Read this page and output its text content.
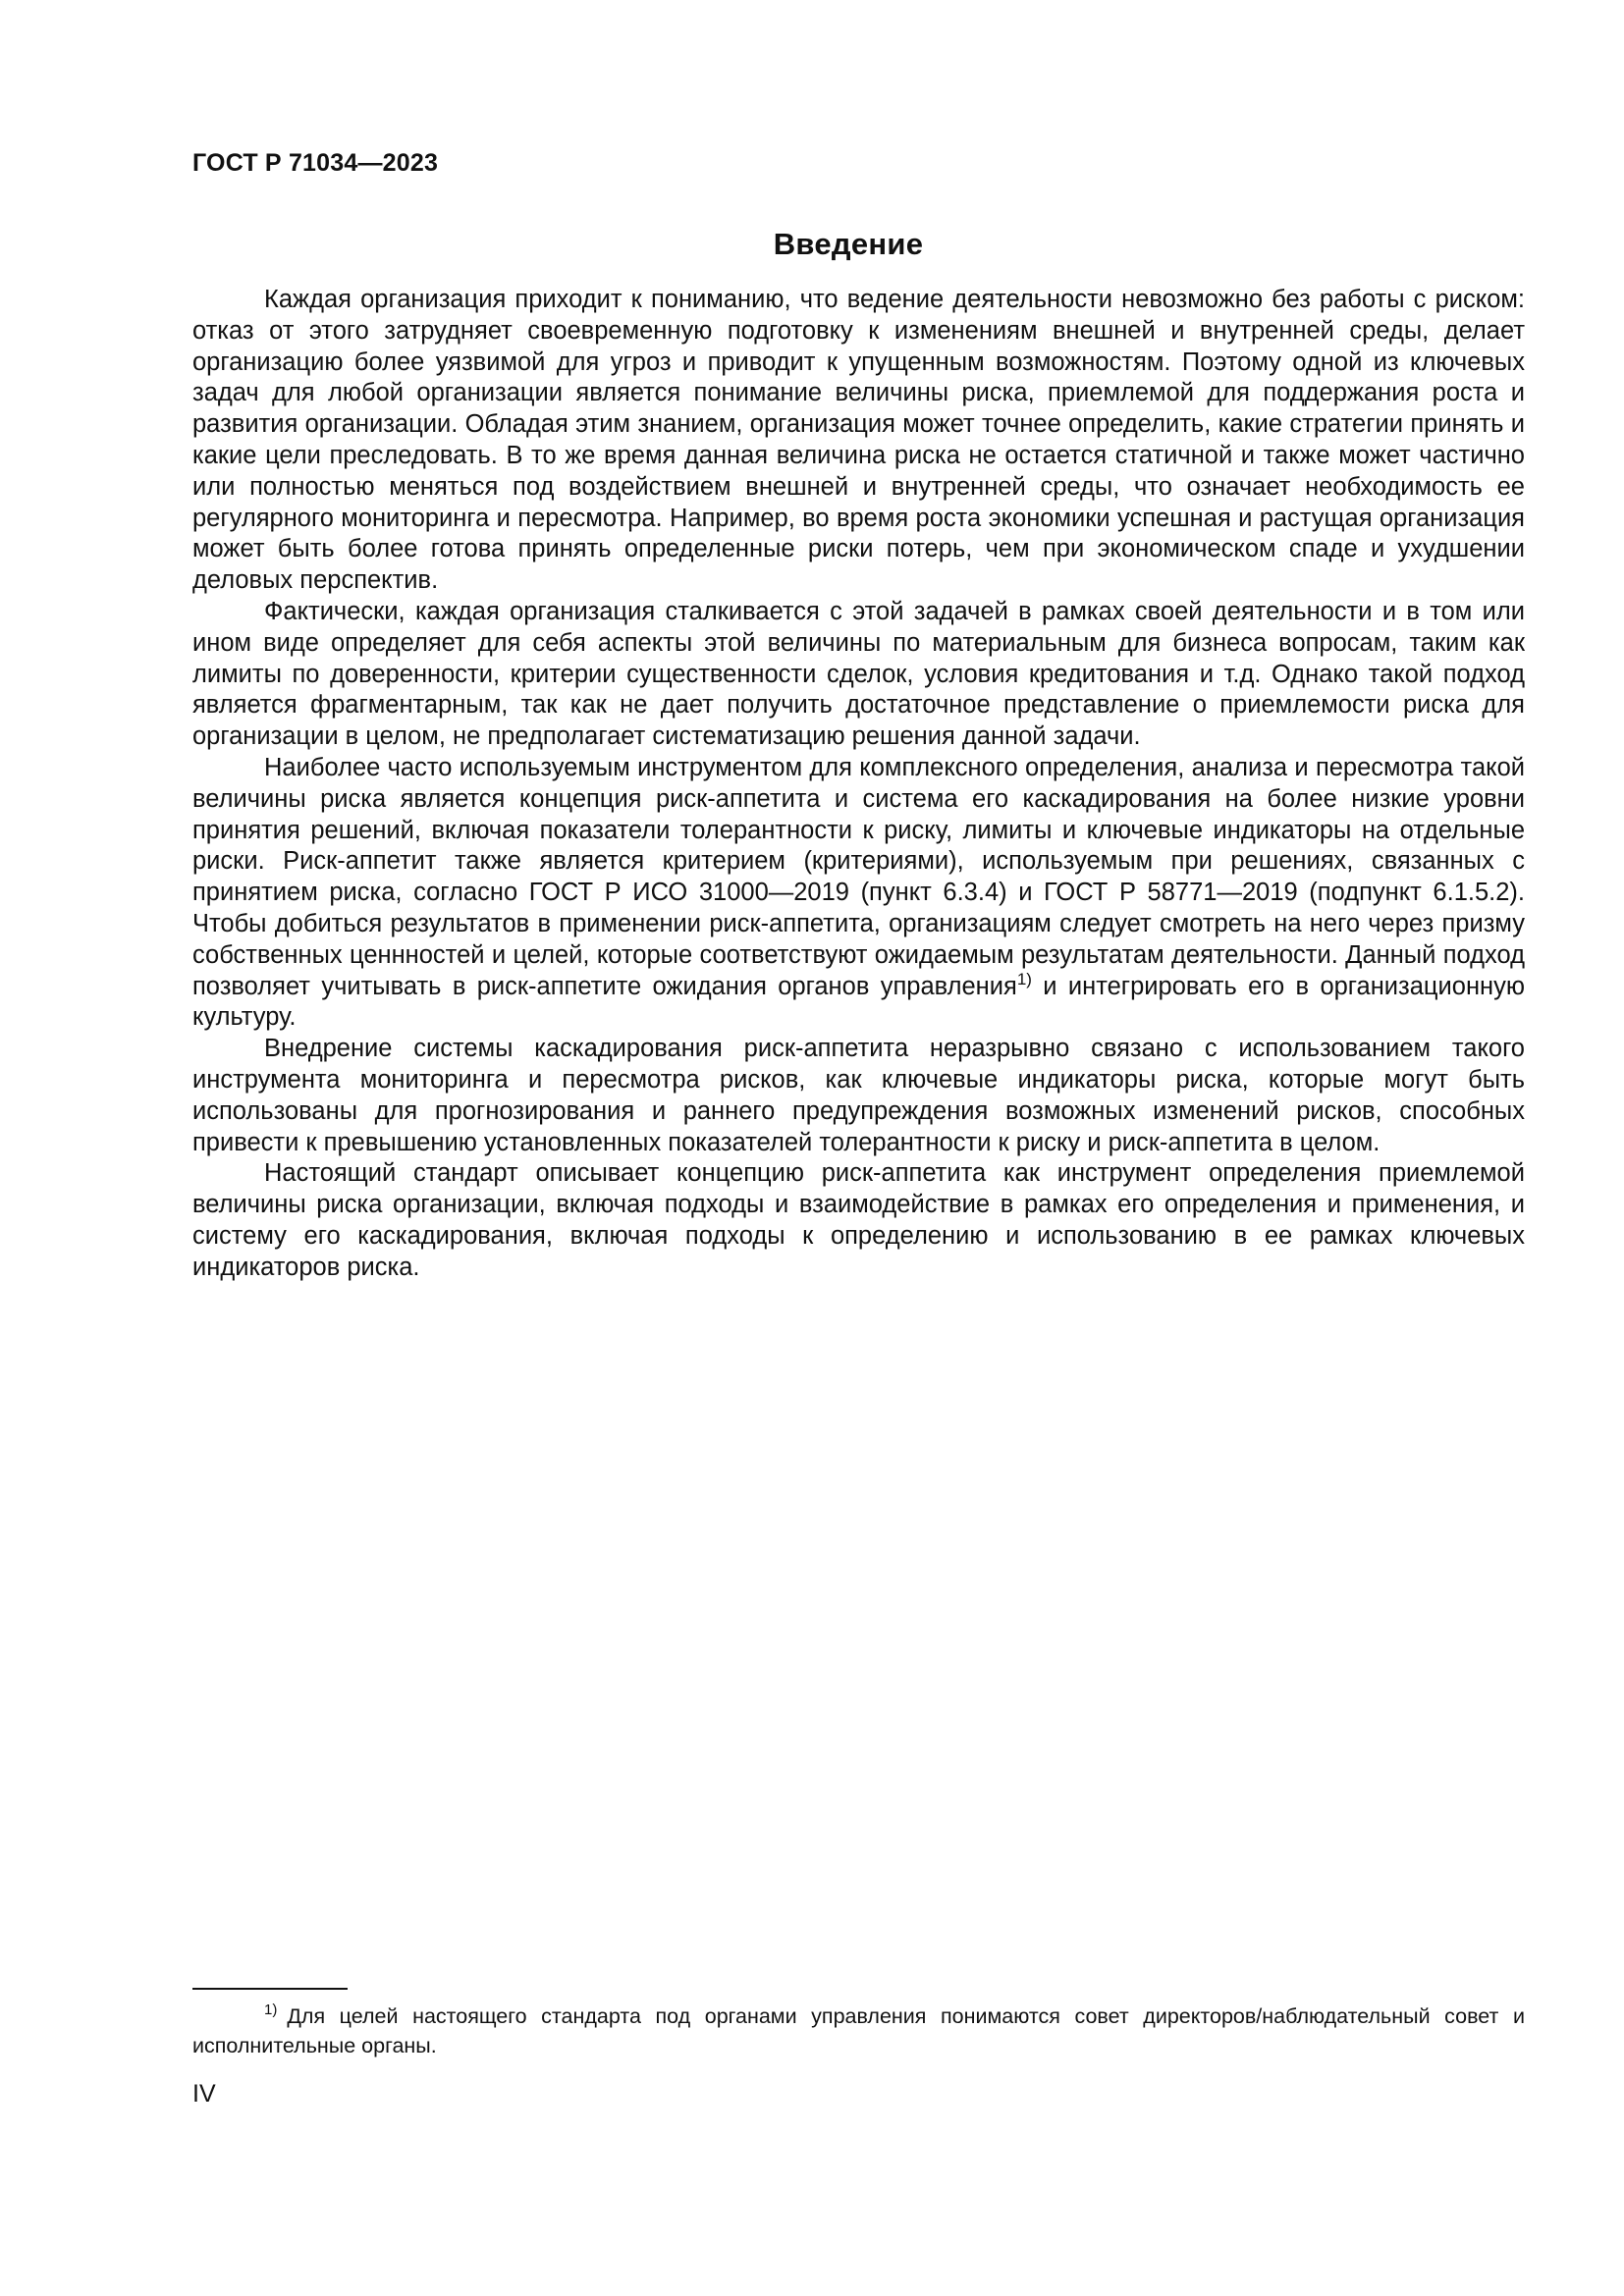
ГОСТ Р 71034—2023
Введение

Каждая организация приходит к пониманию, что ведение деятельности невозможно без работы с риском: отказ от этого затрудняет своевременную подготовку к изменениям внешней и внутренней среды, делает организацию более уязвимой для угроз и приводит к упущенным возможностям. Поэтому одной из ключевых задач для любой организации является понимание величины риска, приемлемой для поддержания роста и развития организации. Обладая этим знанием, организация может точнее определить, какие стратегии принять и какие цели преследовать. В то же время данная величина риска не остается статичной и также может частично или полностью меняться под воздействием внешней и внутренней среды, что означает необходимость ее регулярного мониторинга и пересмотра. Например, во время роста экономики успешная и растущая организация может быть более готова принять определенные риски потерь, чем при экономическом спаде и ухудшении деловых перспектив.

Фактически, каждая организация сталкивается с этой задачей в рамках своей деятельности и в том или ином виде определяет для себя аспекты этой величины по материальным для бизнеса вопросам, таким как лимиты по доверенности, критерии существенности сделок, условия кредитования и т.д. Однако такой подход является фрагментарным, так как не дает получить достаточное представление о приемлемости риска для организации в целом, не предполагает систематизацию решения данной задачи.

Наиболее часто используемым инструментом для комплексного определения, анализа и пересмотра такой величины риска является концепция риск-аппетита и система его каскадирования на более низкие уровни принятия решений, включая показатели толерантности к риску, лимиты и ключевые индикаторы на отдельные риски. Риск-аппетит также является критерием (критериями), используемым при решениях, связанных с принятием риска, согласно ГОСТ Р ИСО 31000—2019 (пункт 6.3.4) и ГОСТ Р 58771—2019 (подпункт 6.1.5.2). Чтобы добиться результатов в применении риск-аппетита, организациям следует смотреть на него через призму собственных ценнностей и целей, которые соответствуют ожидаемым результатам деятельности. Данный подход позволяет учитывать в риск-аппетите ожидания органов управления$^{1)}$ и интегрировать его в организационную культуру.

Внедрение системы каскадирования риск-аппетита неразрывно связано с использованием такого инструмента мониторинга и пересмотра рисков, как ключевые индикаторы риска, которые могут быть использованы для прогнозирования и раннего предупреждения возможных изменений рисков, способных привести к превышению установленных показателей толерантности к риску и риск-аппетита в целом.

Настоящий стандарт описывает концепцию риск-аппетита как инструмент определения приемлемой величины риска организации, включая подходы и взаимодействие в рамках его определения и применения, и систему его каскадирования, включая подходы к определению и использованию в ее рамках ключевых индикаторов риска.

$^{1)}$ Для целей настоящего стандарта под органами управления понимаются совет директоров/наблюдательный совет и исполнительные органы.
IV
